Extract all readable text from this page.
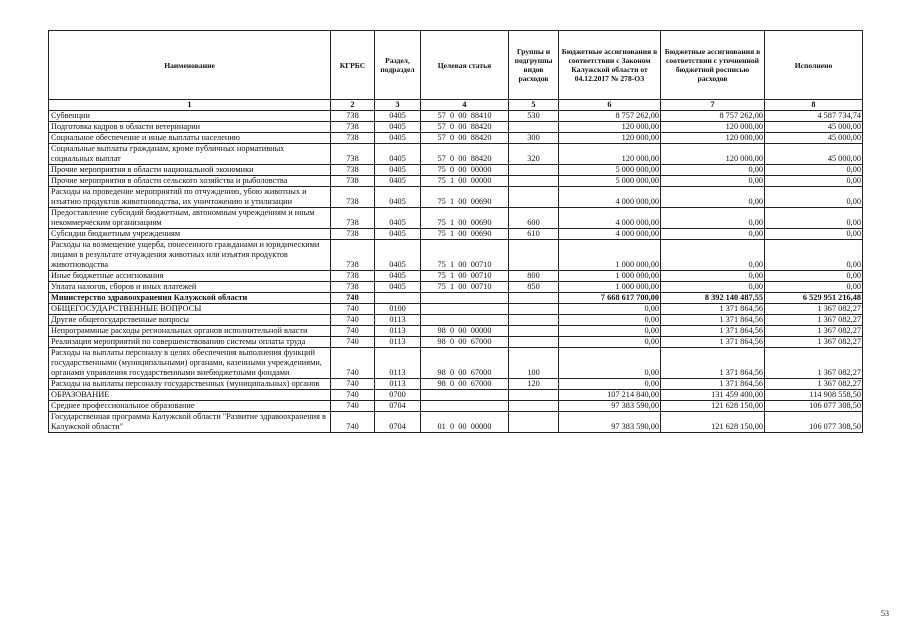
Наименование	КГРБС	Раздел, подраздел	Целевая статья	Группы и подгруппы видов расходов	Бюджетные ассигнования в соответствии с Законом Калужской области от 04.12.2017 № 278-ОЗ	Бюджетные ассигнования в соответствии с уточненной бюджетной росписью расходов	Исполнено
1	2	3	4	5	6	7	8
Субвенции	738	0405	57  0  00  88410	530	8 757 262,00	8 757 262,00	4 587 734,74
Подготовка кадров в области ветеринарии	738	0405	57  0  00  88420		120 000,00	120 000,00	45 000,00
Социальное обеспечение и иные выплаты населению	738	0405	57  0  00  88420	300	120 000,00	120 000,00	45 000,00
Социальные выплаты гражданам, кроме публичных нормативных социальных выплат	738	0405	57  0  00  88420	320	120 000,00	120 000,00	45 000,00
Прочие мероприятия в области национальной экономики	738	0405	75  0  00  00000		5 000 000,00	0,00	0,00
Прочие мероприятия в области сельского хозяйства и рыболовства	738	0405	75  1  00  00000		5 000 000,00	0,00	0,00
Расходы на проведение мероприятий по отчуждению, убою животных и изъятию продуктов животноводства, их уничтожению и утилизации	738	0405	75  1  00  00690		4 000 000,00	0,00	0,00
Предоставление субсидий бюджетным, автономным учреждениям и иным некоммерческим организациям	738	0405	75  1  00  00690	600	4 000 000,00	0,00	0,00
Субсидии бюджетным учреждениям	738	0405	75  1  00  00690	610	4 000 000,00	0,00	0,00
Расходы на возмещение ущерба, понесенного гражданами и юридическими лицами в результате отчуждения животных или изъятия продуктов животноводства	738	0405	75  1  00  00710		1 000 000,00	0,00	0,00
Иные бюджетные ассигнования	738	0405	75  1  00  00710	800	1 000 000,00	0,00	0,00
Уплата налогов, сборов и иных платежей	738	0405	75  1  00  00710	850	1 000 000,00	0,00	0,00
Министерство здравоохранения Калужской области	740				7 668 617 700,00	8 392 140 487,55	6 529 951 216,48
ОБЩЕГОСУДАРСТВЕННЫЕ ВОПРОСЫ	740	0100			0,00	1 371 864,56	1 367 082,27
Другие общегосударственные вопросы	740	0113			0,00	1 371 864,56	1 367 082,27
Непрограммные расходы региональных органов исполнительной власти	740	0113	98  0  00  00000		0,00	1 371 864,56	1 367 082,27
Реализация мероприятий по совершенствованию системы оплаты труда	740	0113	98  0  00  67000		0,00	1 371 864,56	1 367 082,27
Расходы на выплаты персоналу в целях обеспечения выполнения функций государственными (муниципальными) органами, казенными учреждениями, органами управления государственными внебюджетными фондами	740	0113	98  0  00  67000	100	0,00	1 371 864,56	1 367 082,27
Расходы на выплаты персоналу государственных (муниципальных) органов	740	0113	98  0  00  67000	120	0,00	1 371 864,56	1 367 082,27
ОБРАЗОВАНИЕ	740	0700			107 214 840,00	131 459 400,00	114 908 558,50
Среднее профессиональное образование	740	0704			97 383 590,00	121 628 150,00	106 077 308,50
Государственная программа Калужской области "Развитие здравоохранения в Калужской области"	740	0704	01  0  00  00000		97 383 590,00	121 628 150,00	106 077 308,50
53
